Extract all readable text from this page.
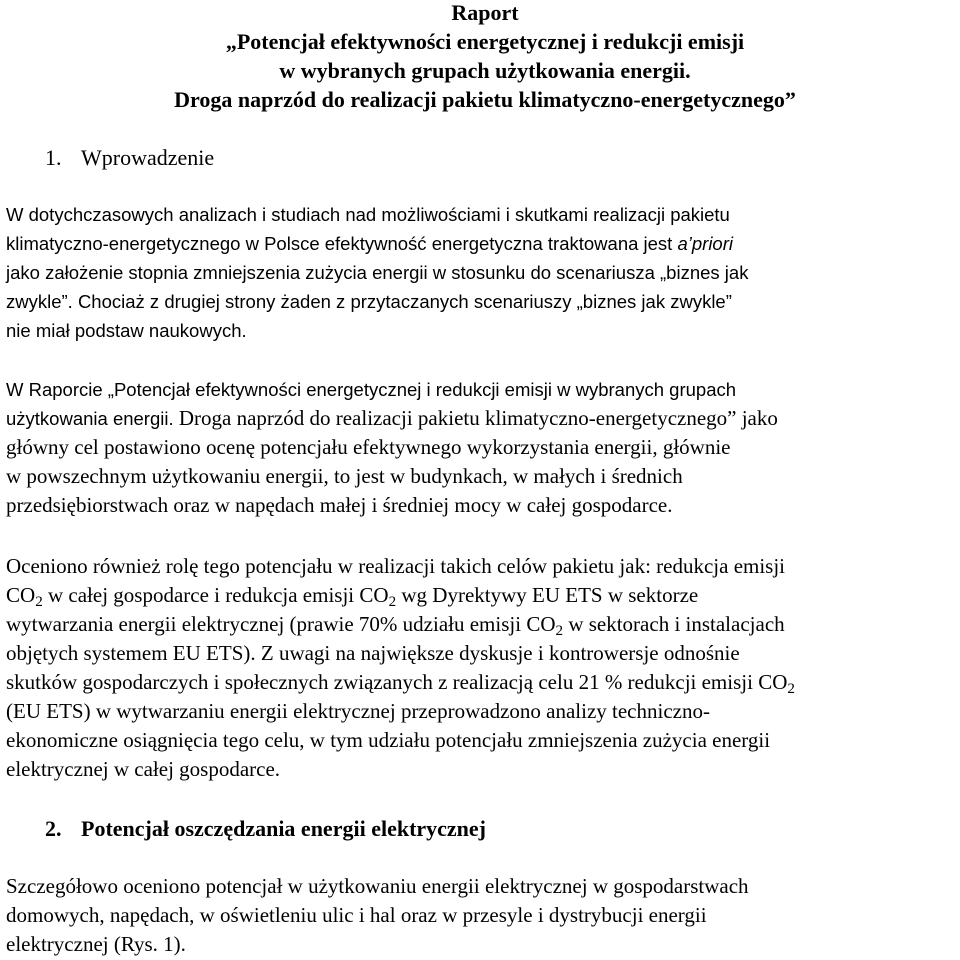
Raport
„Potencjał efektywności energetycznej i redukcji emisji
w wybranych grupach użytkowania energii.
Droga naprzód do realizacji pakietu klimatyczno-energetycznego”
1. Wprowadzenie
W dotychczasowych analizach i studiach nad możliwościami i skutkami realizacji pakietu
klimatyczno-energetycznego w Polsce efektywność energetyczna traktowana jest a’priori
jako założenie stopnia zmniejszenia zużycia energii w stosunku do scenariusza „biznes jak
zwykle”. Chociaż z drugiej strony żaden z przytaczanych scenariuszy „biznes jak zwykle”
nie miał podstaw naukowych.
W Raporcie „Potencjał efektywności energetycznej i redukcji emisji w wybranych grupach
użytkowania energii. Droga naprzód do realizacji pakietu klimatyczno-energetycznego” jako
główny cel postawiono ocenę potencjału efektywnego wykorzystania energii, głównie
w powszechnym użytkowaniu energii, to jest w budynkach, w małych i średnich
przedsiębiorstwach oraz w napędach małej i średniej mocy w całej gospodarce.
Oceniono również rolę tego potencjału w realizacji takich celów pakietu jak: redukcja emisji
$CO_2$ w całej gospodarce i redukcja emisji $CO_2$ wg Dyrektywy EU ETS w sektorze
wytwarzania energii elektrycznej (prawie 70% udziału emisji $CO_2$ w sektorach i instalacjach
objętych systemem EU ETS). Z uwagi na największe dyskusje i kontrowersje odnośnie
skutków gospodarczych i społecznych związanych z realizacją celu 21 % redukcji emisji $CO_2$
(EU ETS) w wytwarzaniu energii elektrycznej przeprowadzono analizy techniczno-
ekonomiczne osiągnięcia tego celu, w tym udziału potencjału zmniejszenia zużycia energii
elektrycznej w całej gospodarce.
2. Potencjał oszczędzania energii elektrycznej
Szczegółowo oceniono potencjał w użytkowaniu energii elektrycznej w gospodarstwach
domowych, napędach, w oświetleniu ulic i hal oraz w przesyle i dystrybucji energii
elektrycznej (Rys. 1).
